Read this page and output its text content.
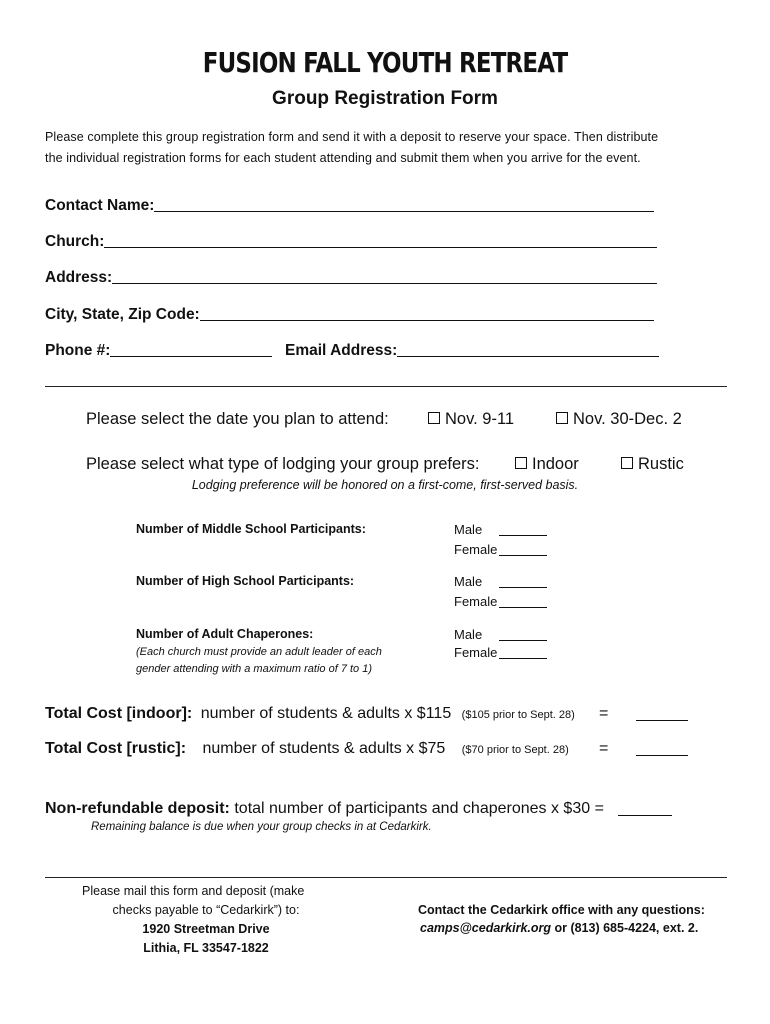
FUSION FALL YOUTH RETREAT
Group Registration Form
Please complete this group registration form and send it with a deposit to reserve your space. Then distribute
the individual registration forms for each student attending and submit them when you arrive for the event.
Contact Name:
Church:
Address:
City, State, Zip Code:
Phone #:	Email Address:
Please select the date you plan to attend:	Nov. 9-11	Nov. 30-Dec. 2
Please select what type of lodging your group prefers:	Indoor	Rustic
Lodging preference will be honored on a first-come, first-served basis.
Number of Middle School Participants:	Male
Female
Number of High School Participants:	Male
Female
Number of Adult Chaperones:
(Each church must provide an adult leader of each
gender attending with a maximum ratio of 7 to 1)
Male
Female
Total Cost [indoor]: number of students & adults x $115 ($105 prior to Sept. 28) =
Total Cost [rustic]: number of students & adults x $75 ($70 prior to Sept. 28) =
Non-refundable deposit: total number of participants and chaperones x $30 =
Remaining balance is due when your group checks in at Cedarkirk.
Please mail this form and deposit (make
checks payable to “Cedarkirk”) to:
1920 Streetman Drive
Lithia, FL 33547-1822
Contact the Cedarkirk office with any questions:
camps@cedarkirk.org or (813) 685-4224, ext. 2.
